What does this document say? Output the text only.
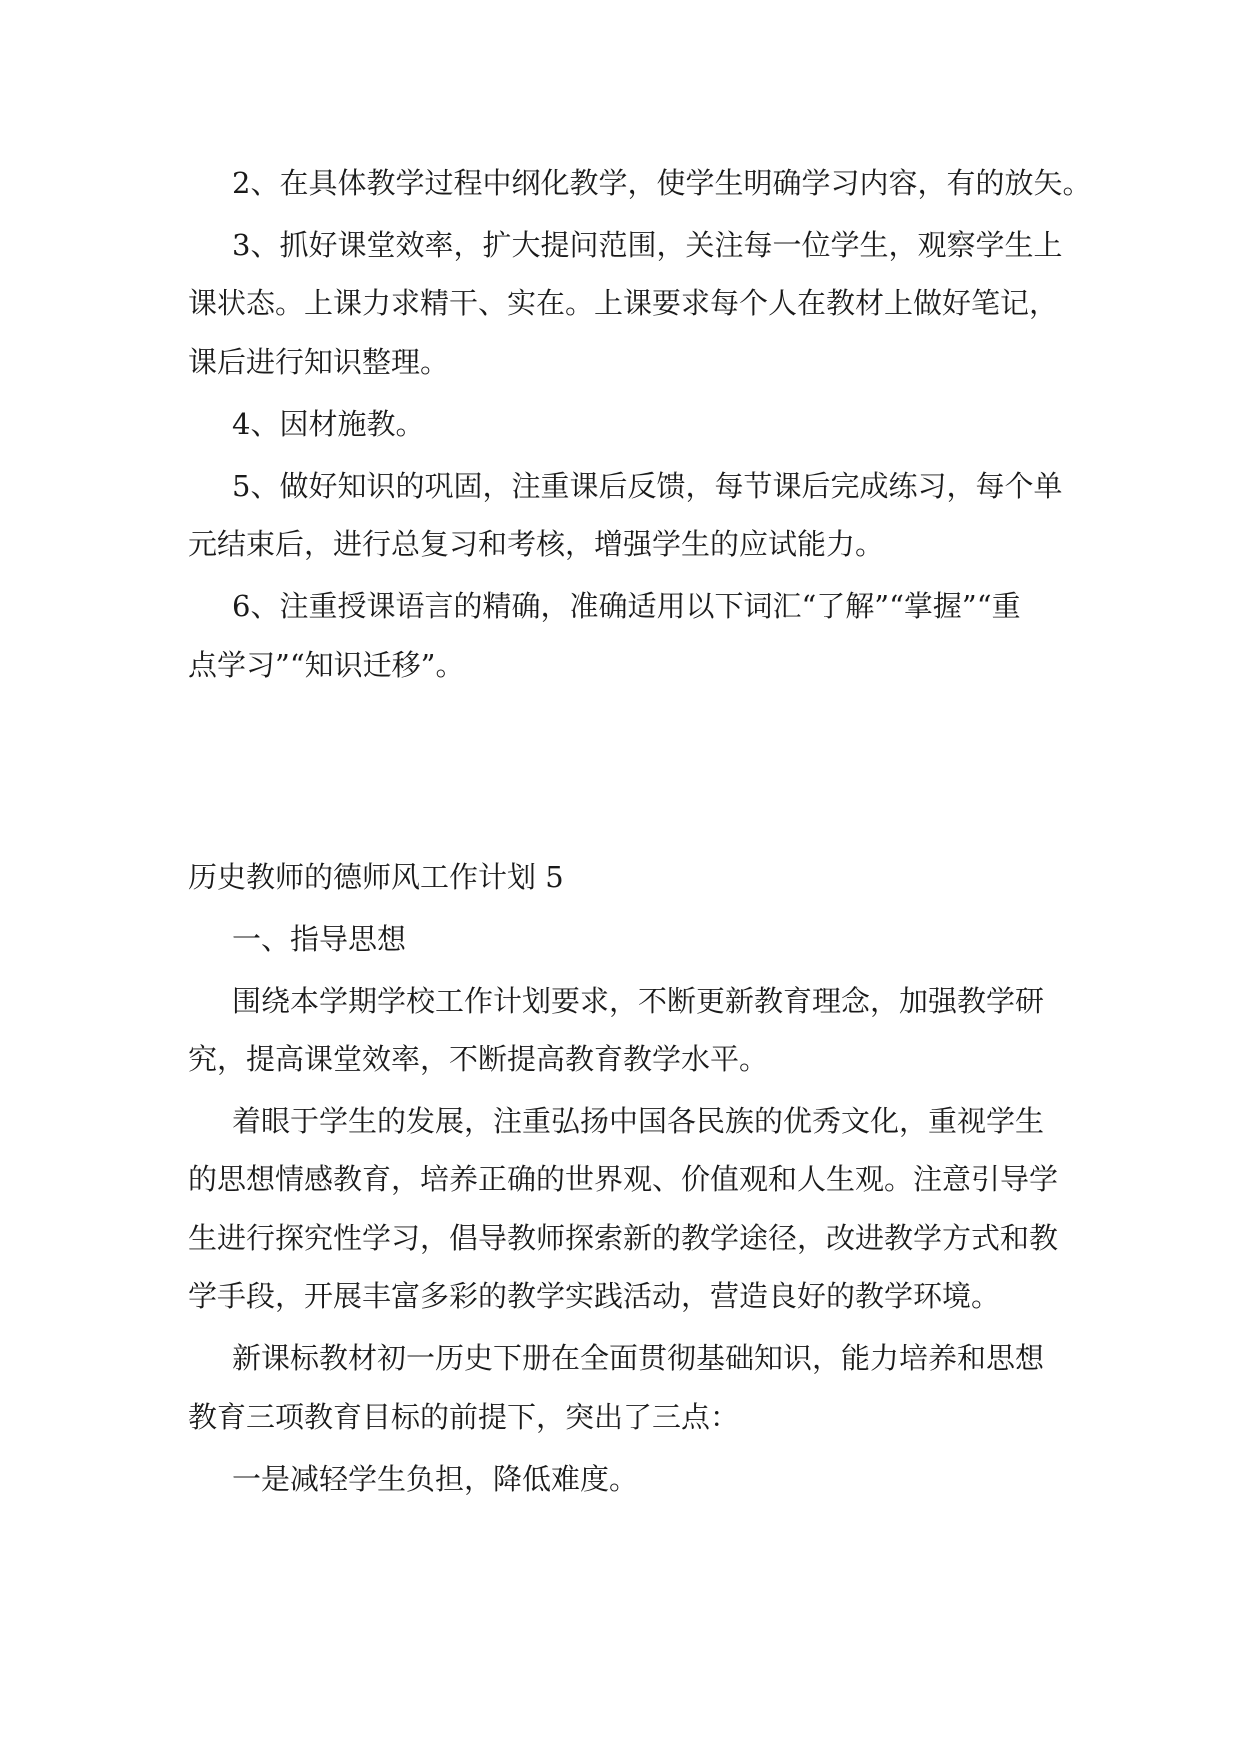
2、在具体教学过程中纲化教学，使学生明确学习内容，有的放矢。
3、抓好课堂效率，扩大提问范围，关注每一位学生，观察学生上
课状态。上课力求精干、实在。上课要求每个人在教材上做好笔记，
课后进行知识整理。
4、因材施教。
5、做好知识的巩固，注重课后反馈，每节课后完成练习，每个单
元结束后，进行总复习和考核，增强学生的应试能力。
6、注重授课语言的精确，准确适用以下词汇“了解”“掌握”“重
点学习”“知识迁移”。
历史教师的德师风工作计划 5
一、指导思想
围绕本学期学校工作计划要求，不断更新教育理念，加强教学研
究，提高课堂效率，不断提高教育教学水平。
着眼于学生的发展，注重弘扬中国各民族的优秀文化，重视学生
的思想情感教育，培养正确的世界观、价值观和人生观。注意引导学
生进行探究性学习，倡导教师探索新的教学途径，改进教学方式和教
学手段，开展丰富多彩的教学实践活动，营造良好的教学环境。
新课标教材初一历史下册在全面贯彻基础知识，能力培养和思想
教育三项教育目标的前提下，突出了三点：
一是减轻学生负担，降低难度。
